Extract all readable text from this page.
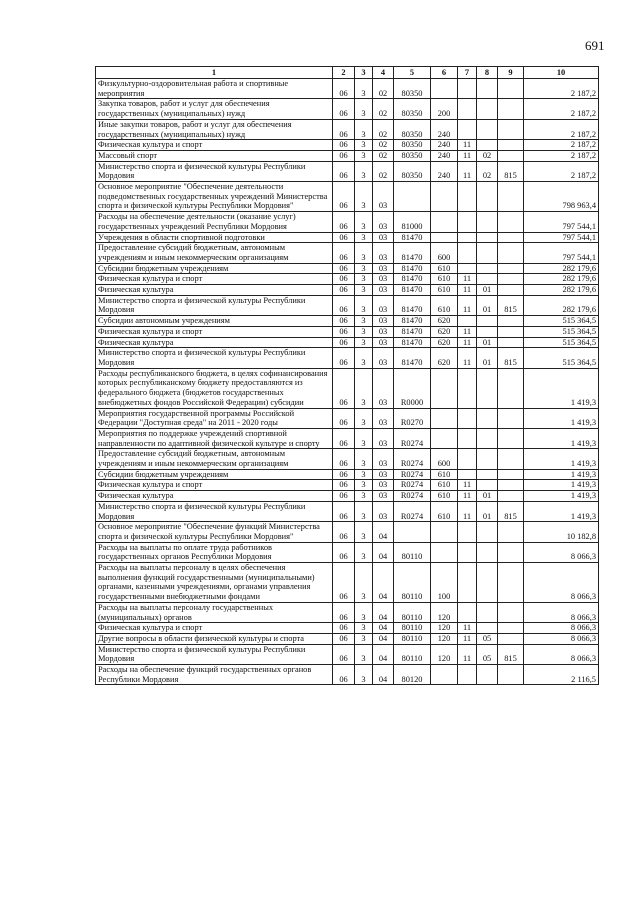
691
1	2	3	4	5	6	7	8	9	10
Физкультурно-оздоровительная работа и спортивные мероприятия	06	3	02	80350					2 187,2
Закупка товаров, работ и услуг для обеспечения государственных (муниципальных) нужд	06	3	02	80350	200				2 187,2
Иные закупки товаров, работ и услуг для обеспечения государственных (муниципальных) нужд	06	3	02	80350	240				2 187,2
Физическая культура и спорт	06	3	02	80350	240	11			2 187,2
Массовый спорт	06	3	02	80350	240	11	02		2 187,2
Министерство спорта и физической культуры Республики Мордовия	06	3	02	80350	240	11	02	815	2 187,2
Основное мероприятие "Обеспечение деятельности подведомственных государственных учреждений Министерства спорта и физической культуры Республики Мордовия"	06	3	03						798 963,4
Расходы на обеспечение деятельности (оказание услуг) государственных учреждений Республики Мордовия	06	3	03	81000					797 544,1
Учреждения в области спортивной подготовки	06	3	03	81470					797 544,1
Предоставление субсидий бюджетным, автономным учреждениям и иным некоммерческим организациям	06	3	03	81470	600				797 544,1
Субсидии бюджетным учреждениям	06	3	03	81470	610				282 179,6
Физическая культура и спорт	06	3	03	81470	610	11			282 179,6
Физическая культура	06	3	03	81470	610	11	01		282 179,6
Министерство спорта и физической культуры Республики Мордовия	06	3	03	81470	610	11	01	815	282 179,6
Субсидии автономным учреждениям	06	3	03	81470	620				515 364,5
Физическая культура и спорт	06	3	03	81470	620	11			515 364,5
Физическая культура	06	3	03	81470	620	11	01		515 364,5
Министерство спорта и физической культуры Республики Мордовия	06	3	03	81470	620	11	01	815	515 364,5
Расходы республиканского бюджета, в целях софинансирования которых республиканскому бюджету предоставляются из федерального бюджета (бюджетов государственных внебюджетных фондов Российской Федерации) субсидии	06	3	03	R0000					1 419,3
Мероприятия государственной программы Российской Федерации "Доступная среда" на 2011 - 2020 годы	06	3	03	R0270					1 419,3
Мероприятия по поддержке учреждений спортивной направленности по адаптивной физической культуре и спорту	06	3	03	R0274					1 419,3
Предоставление субсидий бюджетным, автономным учреждениям и иным некоммерческим организациям	06	3	03	R0274	600				1 419,3
Субсидии бюджетным учреждениям	06	3	03	R0274	610				1 419,3
Физическая культура и спорт	06	3	03	R0274	610	11			1 419,3
Физическая культура	06	3	03	R0274	610	11	01		1 419,3
Министерство спорта и физической культуры Республики Мордовия	06	3	03	R0274	610	11	01	815	1 419,3
Основное мероприятие "Обеспечение функций Министерства спорта и физической культуры Республики Мордовия"	06	3	04						10 182,8
Расходы на выплаты по оплате труда работников государственных органов Республики Мордовия	06	3	04	80110					8 066,3
Расходы на выплаты персоналу в целях обеспечения выполнения функций государственными (муниципальными) органами, казенными учреждениями, органами управления государственными внебюджетными фондами	06	3	04	80110	100				8 066,3
Расходы на выплаты персоналу государственных (муниципальных) органов	06	3	04	80110	120				8 066,3
Физическая культура и спорт	06	3	04	80110	120	11			8 066,3
Другие вопросы в области физической культуры и спорта	06	3	04	80110	120	11	05		8 066,3
Министерство спорта и физической культуры Республики Мордовия	06	3	04	80110	120	11	05	815	8 066,3
Расходы на обеспечение функций государственных органов Республики Мордовия	06	3	04	80120					2 116,5
